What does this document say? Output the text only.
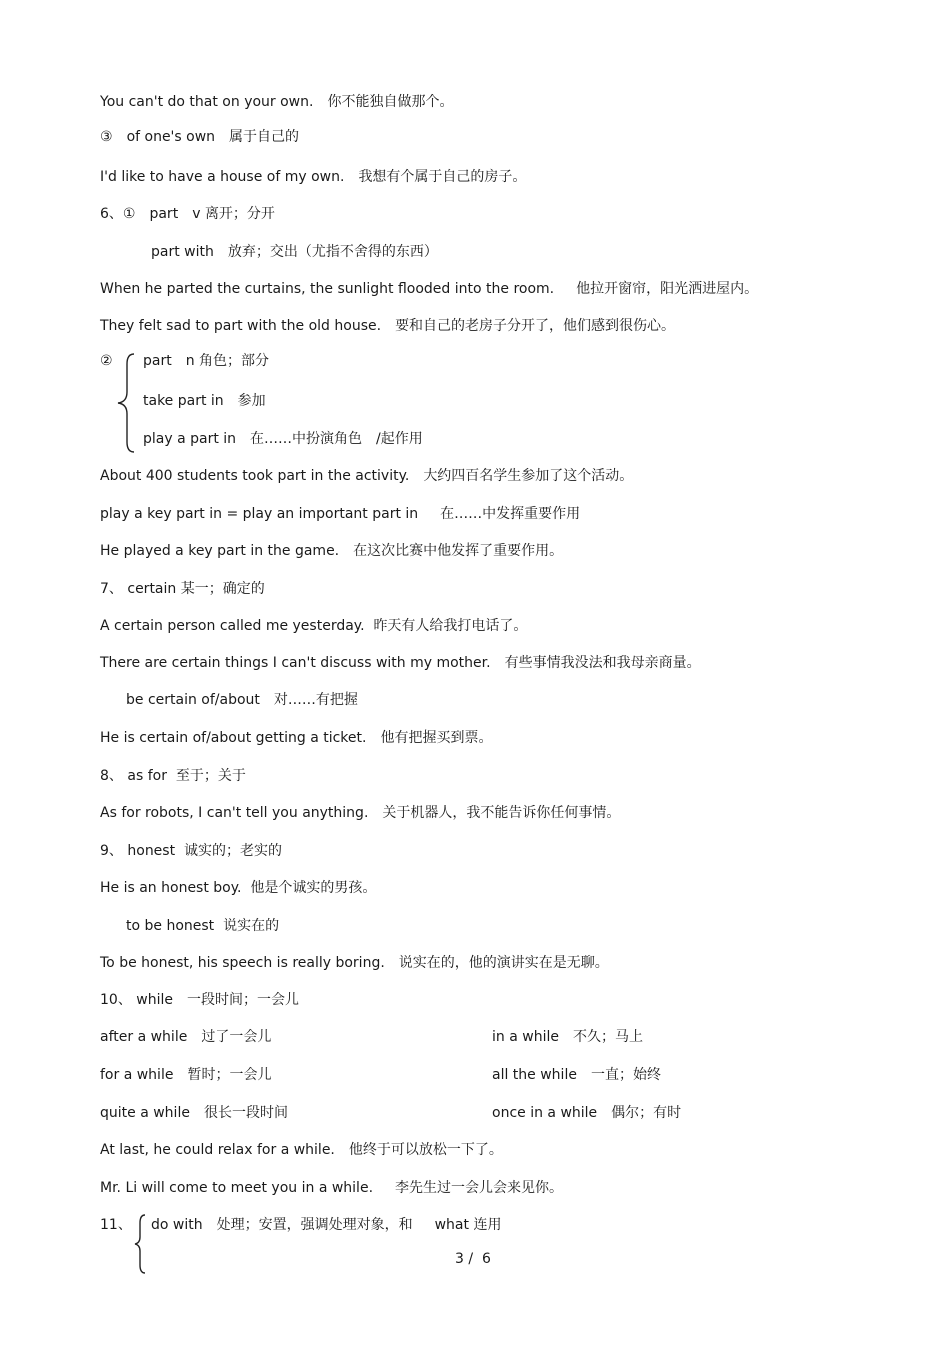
You can't do that on your own. 你不能独自做那个。
③ of one's own 属于自己的
I'd like to have a house of my own. 我想有个属于自己的房子。
6、① part v 离开；分开
part with 放弃；交出（尤指不舍得的东西）
When he parted the curtains, the sunlight flooded into the room. 他拉开窗帘，阳光洒进屋内。
They felt sad to part with the old house. 要和自己的老房子分开了，他们感到很伤心。
② part n 角色；部分
take part in 参加
play a part in 在……中扮演角色 /起作用
About 400 students took part in the activity. 大约四百名学生参加了这个活动。
play a key part in = play an important part in 在……中发挥重要作用
He played a key part in the game. 在这次比赛中他发挥了重要作用。
7、 certain 某一；确定的
A certain person called me yesterday. 昨天有人给我打电话了。
There are certain things I can't discuss with my mother. 有些事情我没法和我母亲商量。
be certain of/about 对……有把握
He is certain of/about getting a ticket. 他有把握买到票。
8、 as for 至于；关于
As for robots, I can't tell you anything. 关于机器人，我不能告诉你任何事情。
9、 honest 诚实的；老实的
He is an honest boy. 他是个诚实的男孩。
to be honest 说实在的
To be honest, his speech is really boring. 说实在的，他的演讲实在是无聊。
10、 while 一段时间；一会儿
after a while 过了一会儿	in a while 不久；马上
for a while 暂时；一会儿	all the while 一直；始终
quite a while 很长一段时间	once in a while 偶尔；有时
At last, he could relax for a while. 他终于可以放松一下了。
Mr. Li will come to meet you in a while. 李先生过一会儿会来见你。
11、 do with 处理；安置，强调处理对象，和 what 连用
3 / 6
